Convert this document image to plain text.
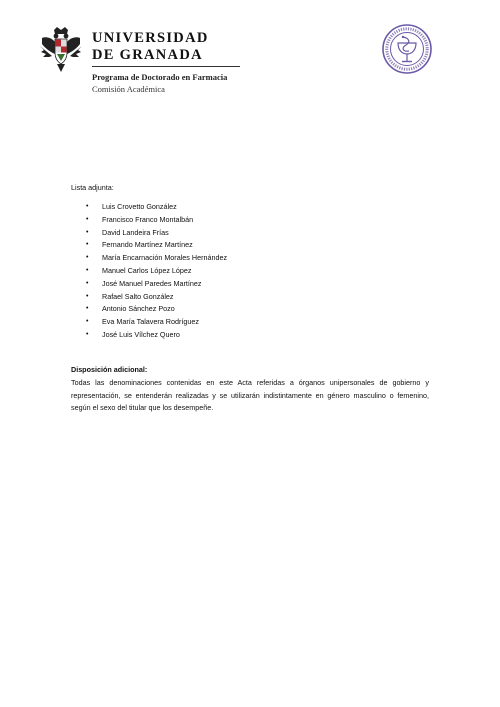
UNIVERSIDAD
DE GRANADA
Programa de Doctorado en Farmacia
Comisión Académica
Lista adjunta:
• Luis Crovetto González
• Francisco Franco Montalbán
• David Landeira Frías
• Fernando Martínez Martínez
• María Encarnación Morales Hernández
• Manuel Carlos López López
• José Manuel Paredes Martínez
• Rafael Salto González
• Antonio Sánchez Pozo
• Eva María Talavera Rodríguez
• José Luis Vílchez Quero
Disposición adicional:
Todas las denominaciones contenidas en este Acta referidas a órganos unipersonales de gobierno y representación, se entenderán realizadas y se utilizarán indistintamente en género masculino o femenino, según el sexo del titular que los desempeñe.
